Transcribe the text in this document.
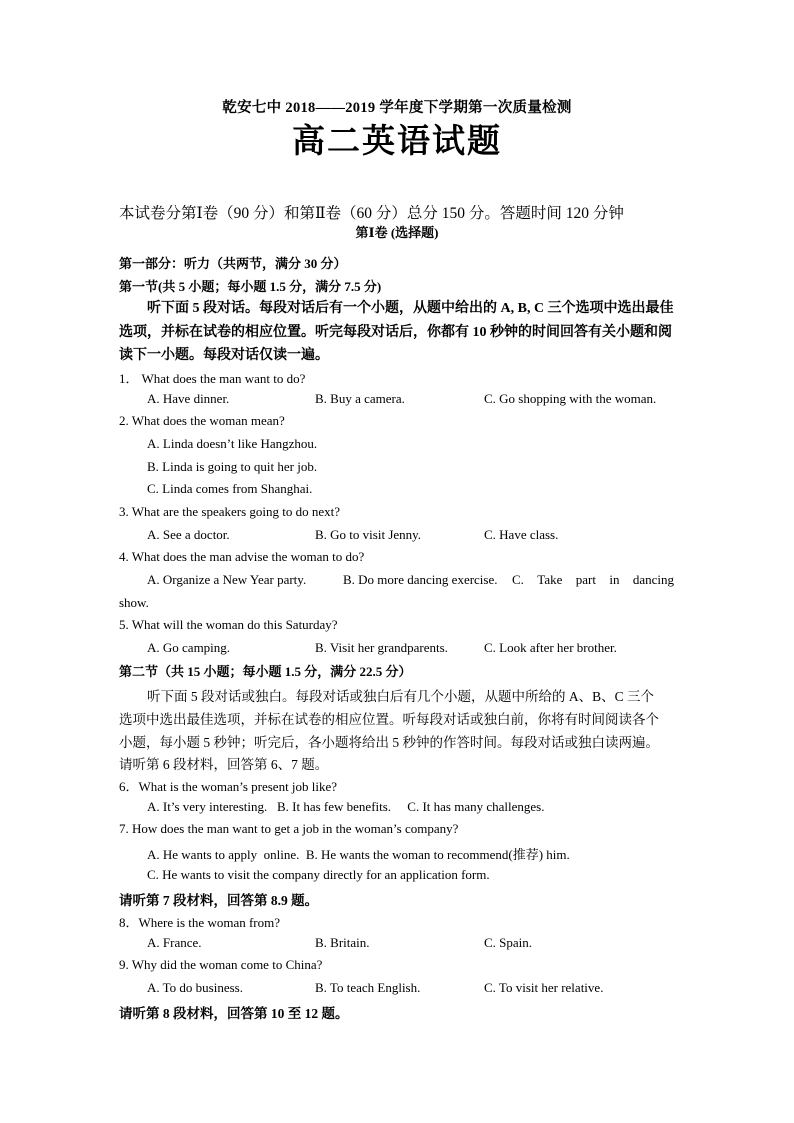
乾安七中 2018——2019 学年度下学期第一次质量检测
高二英语试题
本试卷分第Ⅰ卷（90 分）和第Ⅱ卷（60 分）总分 150 分。答题时间 120 分钟
第Ⅰ卷 (选择题)
第一部分：听力（共两节，满分 30 分）
第一节(共 5 小题；每小题 1.5 分，满分 7.5 分)
听下面 5 段对话。每段对话后有一个小题，从题中给出的 A, B, C 三个选项中选出最佳
选项，并标在试卷的相应位置。听完每段对话后，你都有 10 秒钟的时间回答有关小题和阅
读下一小题。每段对话仅读一遍。
1． What does the man want to do?
A. Have dinner.	B. Buy a camera.	C. Go shopping with the woman.
2. What does the woman mean?
A. Linda doesn’t like Hangzhou.
B. Linda is going to quit her job.
C. Linda comes from Shanghai.
3. What are the speakers going to do next?
A. See a doctor.	B. Go to visit Jenny.	C. Have class.
4. What does the man advise the woman to do?
A. Organize a New Year party.	B. Do more dancing exercise. C. Take part in dancing
show.
5. What will the woman do this Saturday?
A. Go camping.	B. Visit her grandparents.	C. Look after her brother.
第二节（共 15 小题；每小题 1.5 分，满分 22.5 分）
听下面 5 段对话或独白。每段对话或独白后有几个小题，从题中所给的 A、B、C 三个
选项中选出最佳选项，并标在试卷的相应位置。听每段对话或独白前，你将有时间阅读各个
小题，每小题 5 秒钟；听完后，各小题将给出 5 秒钟的作答时间。每段对话或独白读两遍。
请听第 6 段材料，回答第 6、7 题。
6．What is the woman’s present job like?
A. It’s very interesting.   B. It has few benefits.     C. It has many challenges.
7. How does the man want to get a job in the woman’s company?
A. He wants to apply  online.  B. He wants the woman to recommend(推荐) him.
C. He wants to visit the company directly for an application form.
请听第 7 段材料，回答第 8.9 题。
8．Where is the woman from?
A. France.	B. Britain.	C. Spain.
9. Why did the woman come to China?
A. To do business.	B. To teach English.	C. To visit her relative.
请听第 8 段材料，回答第 10 至 12 题。
